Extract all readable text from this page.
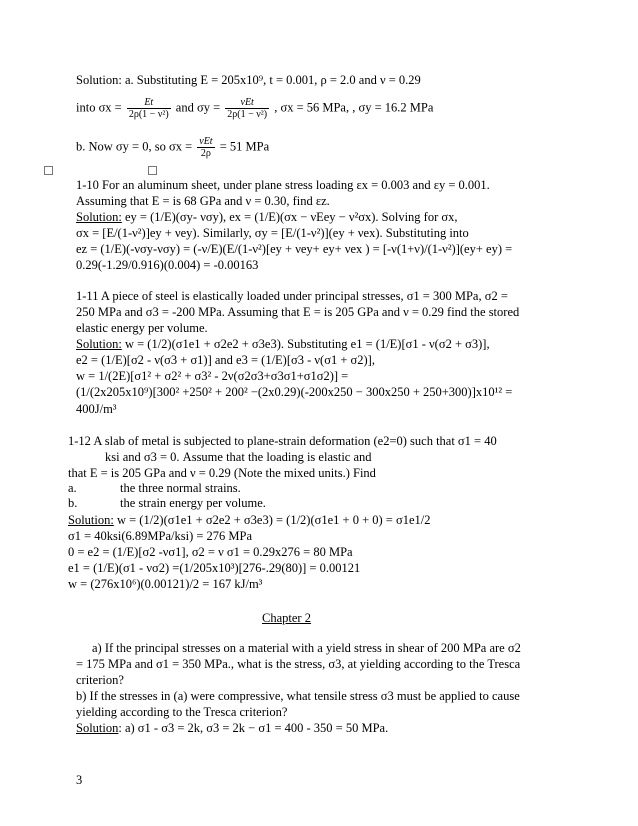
Solution: a. Substituting E = 205x10⁹, t = 0.001, ρ = 2.0 and ν = 0.29
into $\sigma x = \frac{Et}{\text{2ρ(1 − ν²)}}$ and $\sigma y = \frac{\text{νEt}}{\text{2ρ(1 − ν²)}}$ , σx = 56 MPa, , σy = 16.2 MPa
b. Now σy = 0, so $\sigma x = \frac{\text{νEt}}{2\rho} = 51$ MPa
1-10 For an aluminum sheet, under plane stress loading εx = 0.003 and εy = 0.001.
Assuming that E = is 68 GPa and ν = 0.30, find εz.
Solution: ey = (1/E)(σy- νσy), ex = (1/E)(σx − νEey − ν²σx). Solving for σx,
σx = [E/(1-ν²)]ey + νey). Similarly, σy = [E/(1-ν²)](ey + νex). Substituting into
ez = (1/E)(-νσy-νσy) = (-ν/E)(E/(1-ν²)[ey + νey+ ey+ νex ) = [-ν(1+ν)/(1-ν²)](ey+ ey) =
0.29(-1.29/0.916)(0.004) = -0.00163
1-11 A piece of steel is elastically loaded under principal stresses, σ1 = 300 MPa, σ2 =
250 MPa and σ3 = -200 MPa. Assuming that E = is 205 GPa and ν = 0.29 find the stored
elastic energy per volume.
Solution: w = (1/2)(σ1e1 + σ2e2 + σ3e3). Substituting e1 = (1/E)[σ1 - ν(σ2 + σ3)],
e2 = (1/E)[σ2 - ν(σ3 + σ1)] and e3 = (1/E)[σ3 - ν(σ1 + σ2)],
w = 1/(2E)[σ1² + σ2² + σ3² - 2ν(σ2σ3+σ3σ1+σ1σ2)] =
(1/(2x205x10⁹)[300² +250² + 200² −(2x0.29)(-200x250 − 300x250 + 250+300)]x10¹² =
400J/m³
1-12 A slab of metal is subjected to plane-strain deformation (e2=0) such that σ1 = 40
ksi and σ3 = 0. Assume that the loading is elastic and
that E = is 205 GPa and ν = 0.29 (Note the mixed units.) Find
a.	the three normal strains.
b.	the strain energy per volume.
Solution: w = (1/2)(σ1e1 + σ2e2 + σ3e3) = (1/2)(σ1e1 + 0 + 0) = σ1e1/2
σ1 = 40ksi(6.89MPa/ksi) = 276 MPa
0 = e2 = (1/E)[σ2 -νσ1], σ2 = ν σ1 = 0.29x276 = 80 MPa
e1 = (1/E)(σ1 - νσ2) =(1/205x10³)[276-.29(80)] = 0.00121
w = (276x10⁶)(0.00121)/2 = 167 kJ/m³
Chapter 2
a) If the principal stresses on a material with a yield stress in shear of 200 MPa are σ2
= 175 MPa and σ1 = 350 MPa., what is the stress, σ3, at yielding according to the Tresca
criterion?
b) If the stresses in (a) were compressive, what tensile stress σ3 must be applied to cause
yielding according to the Tresca criterion?
Solution: a) σ1 - σ3 = 2k, σ3 = 2k − σ1 = 400 - 350 = 50 MPa.
3
